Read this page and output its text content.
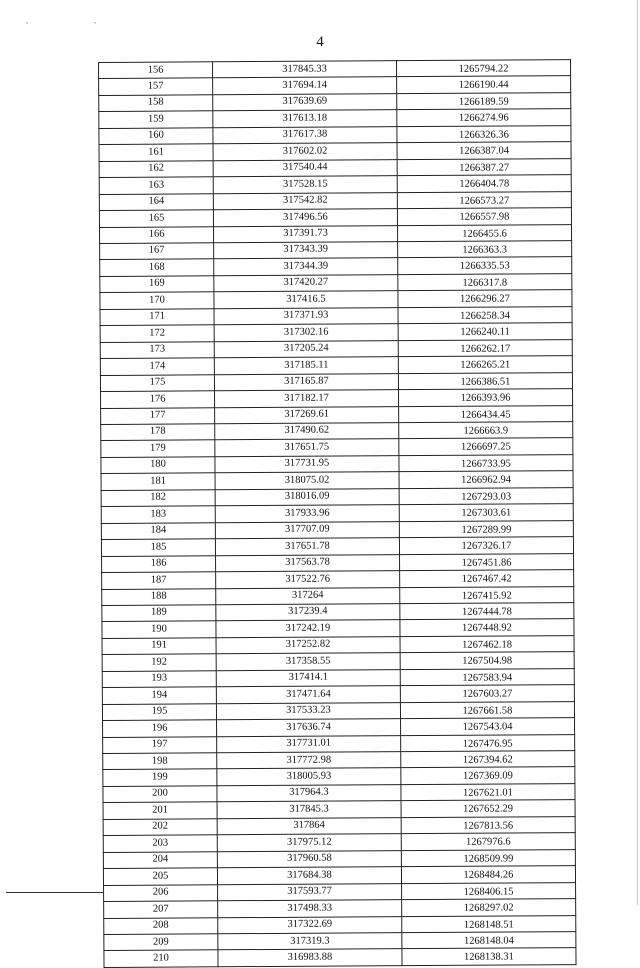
, ,
4
156	317845.33	1265794.22
157	317694.14	1266190.44
158	317639.69	1266189.59
159	317613.18	1266274.96
160	317617.38	1266326.36
161	317602.02	1266387.04
162	317540.44	1266387.27
163	317528.15	1266404.78
164	317542.82	1266573.27
165	317496.56	1266557.98
166	317391.73	1266455.6
167	317343.39	1266363.3
168	317344.39	1266335.53
169	317420.27	1266317.8
170	317416.5	1266296.27
171	317371.93	1266258.34
172	317302.16	1266240.11
173	317205.24	1266262.17
174	317185.11	1266265.21
175	317165.87	1266386.51
176	317182.17	1266393.96
177	317269.61	1266434.45
178	317490.62	1266663.9
179	317651.75	1266697.25
180	317731.95	1266733.95
181	318075.02	1266962.94
182	318016.09	1267293.03
183	317933.96	1267303.61
184	317707.09	1267289.99
185	317651.78	1267326.17
186	317563.78	1267451.86
187	317522.76	1267467.42
188	317264	1267415.92
189	317239.4	1267444.78
190	317242.19	1267448.92
191	317252.82	1267462.18
192	317358.55	1267504.98
193	317414.1	1267583.94
194	317471.64	1267603.27
195	317533.23	1267661.58
196	317636.74	1267543.04
197	317731.01	1267476.95
198	317772.98	1267394.62
199	318005.93	1267369.09
200	317964.3	1267621.01
201	317845.3	1267652.29
202	317864	1267813.56
203	317975.12	1267976.6
204	317960.58	1268509.99
205	317684.38	1268484.26
206	317593.77	1268406.15
207	317498.33	1268297.02
208	317322.69	1268148.51
209	317319.3	1268148.04
210	316983.88	1268138.31
